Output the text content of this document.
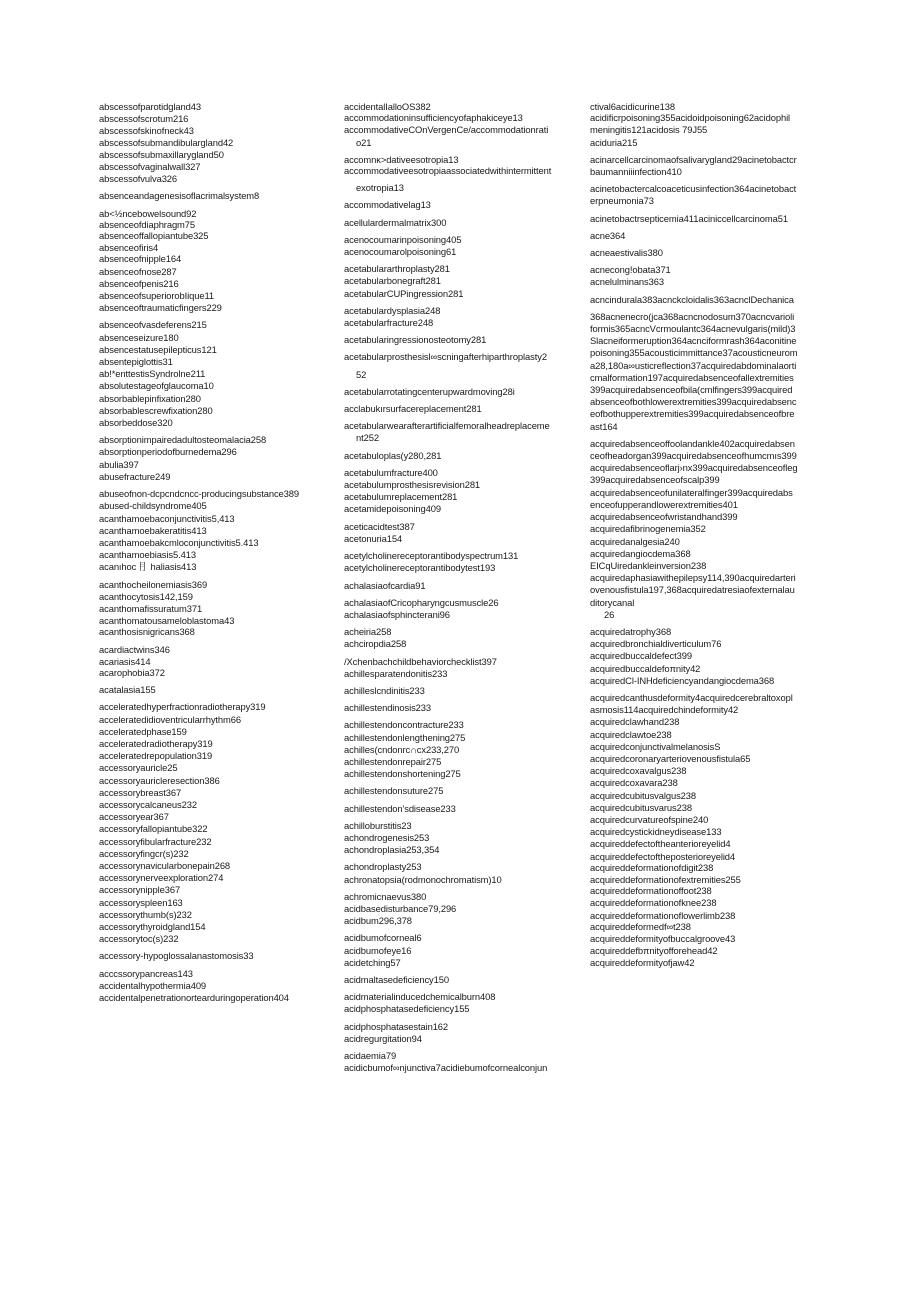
abscessofparotidgland43
abscessofscrotum216
abscessofskinofneck43
abscessofsubmandibulargland42
abscessofsubmaxillarygland50
abscessofvaginalwall327
abscessofvulva326
absenceandagenesisoflacrimalsystem8
ab<½ncebowelsound92
absenceofdiaphragm75
absenceoffallopiantube325
absenceofiris4
absenceofnipple164
absenceofnose287
absenceofpenis216
absenceofsuperiorobIique11
absenceoftraumaticfingers229
absenceofvasdeferens215
absenceseizure180
absencestatusepilepticus121
absentepiglottis31
ab!*enttestisSyndrolne211
absolutestageofglaucoma10
absorbablepinfixation280
absorbablescrewfixation280
absorbeddose320
absorptionimpairedadultosteomalacia258
absorptionperiodofburnedema296
abulia397
abusefracture249
abuseofnon-dcpcndcncc-producingsubstance389
abused-childsyndrome405
acanthamoebaconjunctivitis5,413
acanthamoebakeratitis413
acanthamoebakcmloconjunctivitis5.413
acanthamoebiasis5.413
acanıhoc ⺝ haliasis413
acanthocheilonemiasis369
acanthocytosis142,159
acanthomafissuratum371
acanthomatousameloblastoma43
acanthosisnigricans368
acardiactwins346
acariasis414
acarophobia372
acatalasia155
acceleratedhyperfractionradiotherapy319
acceleratedidioventricularrhythm66
acceleratedphase159
acceleratedradiotherapy319
acceleratedrepopulation319
accessoryauricle25
accessoryauricleresection386
accessorybreast367
accessorycalcaneus232
accessoryear367
accessoryfallopiantube322
accessoryfibularfracture232
accessoryfingcr(s)232
accessorynavicularbonepain268
accessorynerveexploration274
accessorynipple367
accessoryspleen163
accessorythumb(s)232
accessorythyroidgland154
accessorytoc(s)232
accessory-hypoglossalanastomosis33
acccssorypancreas143
accidentalhypothermia409
accidentalpenetrationortearduringoperation404
accidentalIalloOS382
accommodationinsufficiencyofaphakiceye13
accommodativeCOnVergenCe/accommodationrati
o21
accomnκ>dativeesotropia13
accommodativeesotropiaassociatedwithintermittent
exotropia13
accommodativelag13
acellulardermalmatrix300
acenocoumarinpoisoning405
acenocoumarolpoisoning61
acetabulararthroplasty281
acetabularbonegraft281
acetabularCUPingression281
acetabulardysplasia248
acetabularfracture248
acetabularingressionosteotomy281
acetabularprosthesisl∞scningafterhiparthroplasty2
52
acetabularrotatingcenterupwardmoving28i
acclabukırsurfacereplacement281
acetabularwearafterartificialfemoralheadreplaceme
nt252
acetabuloplas(y280,281
acetabulumfracture400
acetabulumprosthesisrevision281
acetabulumreplacement281
acetamidepoisoning409
aceticacidtest387
acetonuria154
acetylcholinereceptorantibodyspectrum131
acetylcholinereceptorantibodytest193
achalasiaofcardia91
achalasiaofCricopharyngcusmuscle26
achalasiaofsphincterani96
acheiria258
achciropdia258
/Xchenbachchildbehaviorchecklist397
achillesparatendonitis233
achilleslcndinitis233
achillestendinosis233
achillestendoncontracture233
achillestendonlengthening275
achilles(cndonrc∩cx233,270
achillestendonrepair275
achillestendonshortening275
achillestendonsuture275
achillestendon'sdisease233
achilloburstitis23
achondrogenesis253
achondroplasia253,354
achondroplasty253
achronatopsia(rodmonochromatism)10
achromicnaevus380
acidbasedisturbance79,296
acidbum296,378
acidbumofcorneal6
acidbumofeye16
acidetching57
acidmaltasedeficiency150
acidmaterialinducedchemicalburn408
acidphosphatasedeficiency155
acidphosphatasestain162
acidregurgitation94
acidaemia79
acidicbumof∞njunctiva7acidiebumofcornealconjun
ctival6acidicurine138
acidificrpoisoning355acidoidpoisoning62acidophil
meningitis121acidosis 79J55
aciduria215
acinarcellcarcinomaofsalivarygland29acinetobactcr
baumanniiinfection410
acinetobactercalcoaceticusinfection364acinetobact
erpneumonia73
acinetobactrsepticemia411aciniccellcarcinoma51
acne364
acneaestivalis380
acnecong!obata371
acnelulminans363
acncindurala383acnckcloidalis363acnclDechanica
368acnenecro(jca368acncnodosum370acncvarioli
formis365acncVcrmoulantc364acnevulgaris(mild)3
Slacneiformeruption364acnciformrash364aconitine
poisoning355acousticimmittance37acousticneurom
a28,180a∞usticreflection37acquiredabdominalaorti
cmalformation197acquiredabsenceofallextremities
399acquiredabsenceofbila(cmlfingers399acquired
absenceofbothlowerextremities399acquiredabsenc
eofbothupperextremities399acquiredabsenceofbre
ast164
acquiredabsenceoffoolandankle402acquiredabsen
ceofheadorgan399acquiredabsenceofhumcmıs399
acquiredabsenceoflarj›nx399acquiredabsenceofleg
399acquiredabsenceofscalp399
acquiredabsenceofunilateralfinger399acquiredabs
enceofupperandlowerextremities401
acquiredabsenceofwristandhand399
acquiredafibrinogenemia352
acquiredanalgesia240
acquiredangiocdema368
EICqUiredankleinversion238
acquiredaphasiawithepilepsy114,390acquiredarteri
ovenousfistula197,368acquiredatresiaofexternalau
ditorycanal
26
acquiredatrophy368
acquiredbronchialdiverticulum76
acquiredbuccaldefect399
acquiredbuccaldefoπnity42
acquiredCl-INHdeficiencyandangiocdema368
acquiredcanthusdeformity4acquiredcerebraltoxopl
asmosis114acquiredchindeformity42
acquiredclawhand238
acquiredclawtoe238
acquiredconjunctivalmelanosisS
acquiredcoronaryarteriovenousfistula65
acquiredcoxavalgus238
acquiredcoxavara238
acquiredcubitusvalgus238
acquiredcubitusvarus238
acquiredcurvatureofspine240
acquiredcystickidneydisease133
acquireddefectoftheanterioreyelid4
acquireddefectoftheposterioreyelid4
acquireddeformationofdigit238
acquireddeformationofextremities255
acquireddeformationoffoot238
acquireddeformationofknee238
acquireddeformationoflowerlimb238
acquireddeformedf∞t238
acquireddeformityofbuccalgroove43
acquireddefbπnityofforehead42
acquireddeformityofjaw42
